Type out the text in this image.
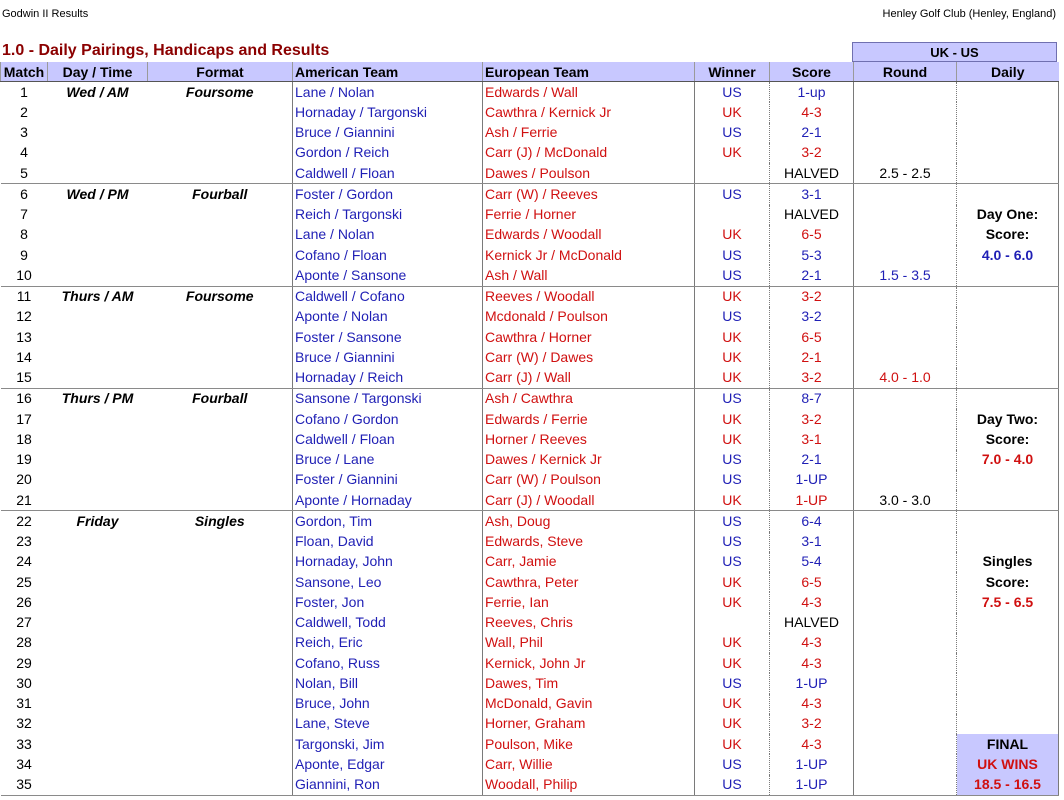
Godwin II Results	Henley Golf Club (Henley, England)
1.0 - Daily Pairings, Handicaps and Results	UK - US
Match	Day / Time	Format	American Team	European Team	Winner	Score	Round	Daily
1	Wed / AM	Foursome	Lane / Nolan	Edwards / Wall	US	1-up		
2			Hornaday / Targonski	Cawthra / Kernick Jr	UK	4-3		
3			Bruce / Giannini	Ash / Ferrie	US	2-1		
4			Gordon / Reich	Carr (J) / McDonald	UK	3-2		
5			Caldwell / Floan	Dawes / Poulson		HALVED	2.5 - 2.5	
6	Wed / PM	Fourball	Foster / Gordon	Carr (W) / Reeves	US	3-1		
7			Reich / Targonski	Ferrie / Horner		HALVED		Day One:
8			Lane / Nolan	Edwards / Woodall	UK	6-5		Score:
9			Cofano / Floan	Kernick Jr / McDonald	US	5-3		4.0 - 6.0
10			Aponte / Sansone	Ash / Wall	US	2-1	1.5 - 3.5	
11	Thurs / AM	Foursome	Caldwell / Cofano	Reeves / Woodall	UK	3-2		
12			Aponte / Nolan	Mcdonald / Poulson	US	3-2		
13			Foster / Sansone	Cawthra / Horner	UK	6-5		
14			Bruce / Giannini	Carr (W) / Dawes	UK	2-1		
15			Hornaday / Reich	Carr (J) / Wall	UK	3-2	4.0 - 1.0	
16	Thurs / PM	Fourball	Sansone / Targonski	Ash / Cawthra	US	8-7		
17			Cofano / Gordon	Edwards / Ferrie	UK	3-2		Day Two:
18			Caldwell / Floan	Horner / Reeves	UK	3-1		Score:
19			Bruce / Lane	Dawes / Kernick Jr	US	2-1		7.0 - 4.0
20			Foster / Giannini	Carr (W) / Poulson	US	1-UP		
21			Aponte / Hornaday	Carr (J) / Woodall	UK	1-UP	3.0 - 3.0	
22	Friday	Singles	Gordon, Tim	Ash, Doug	US	6-4		
23			Floan, David	Edwards, Steve	US	3-1		
24			Hornaday, John	Carr, Jamie	US	5-4		Singles
25			Sansone, Leo	Cawthra, Peter	UK	6-5		Score:
26			Foster, Jon	Ferrie, Ian	UK	4-3		7.5 - 6.5
27			Caldwell, Todd	Reeves, Chris		HALVED		
28			Reich, Eric	Wall, Phil	UK	4-3		
29			Cofano, Russ	Kernick, John Jr	UK	4-3		
30			Nolan, Bill	Dawes, Tim	US	1-UP		
31			Bruce, John	McDonald, Gavin	UK	4-3		
32			Lane, Steve	Horner, Graham	UK	3-2		
33			Targonski, Jim	Poulson, Mike	UK	4-3		FINAL
34			Aponte, Edgar	Carr, Willie	US	1-UP		UK WINS
35			Giannini, Ron	Woodall, Philip	US	1-UP		18.5 - 16.5
